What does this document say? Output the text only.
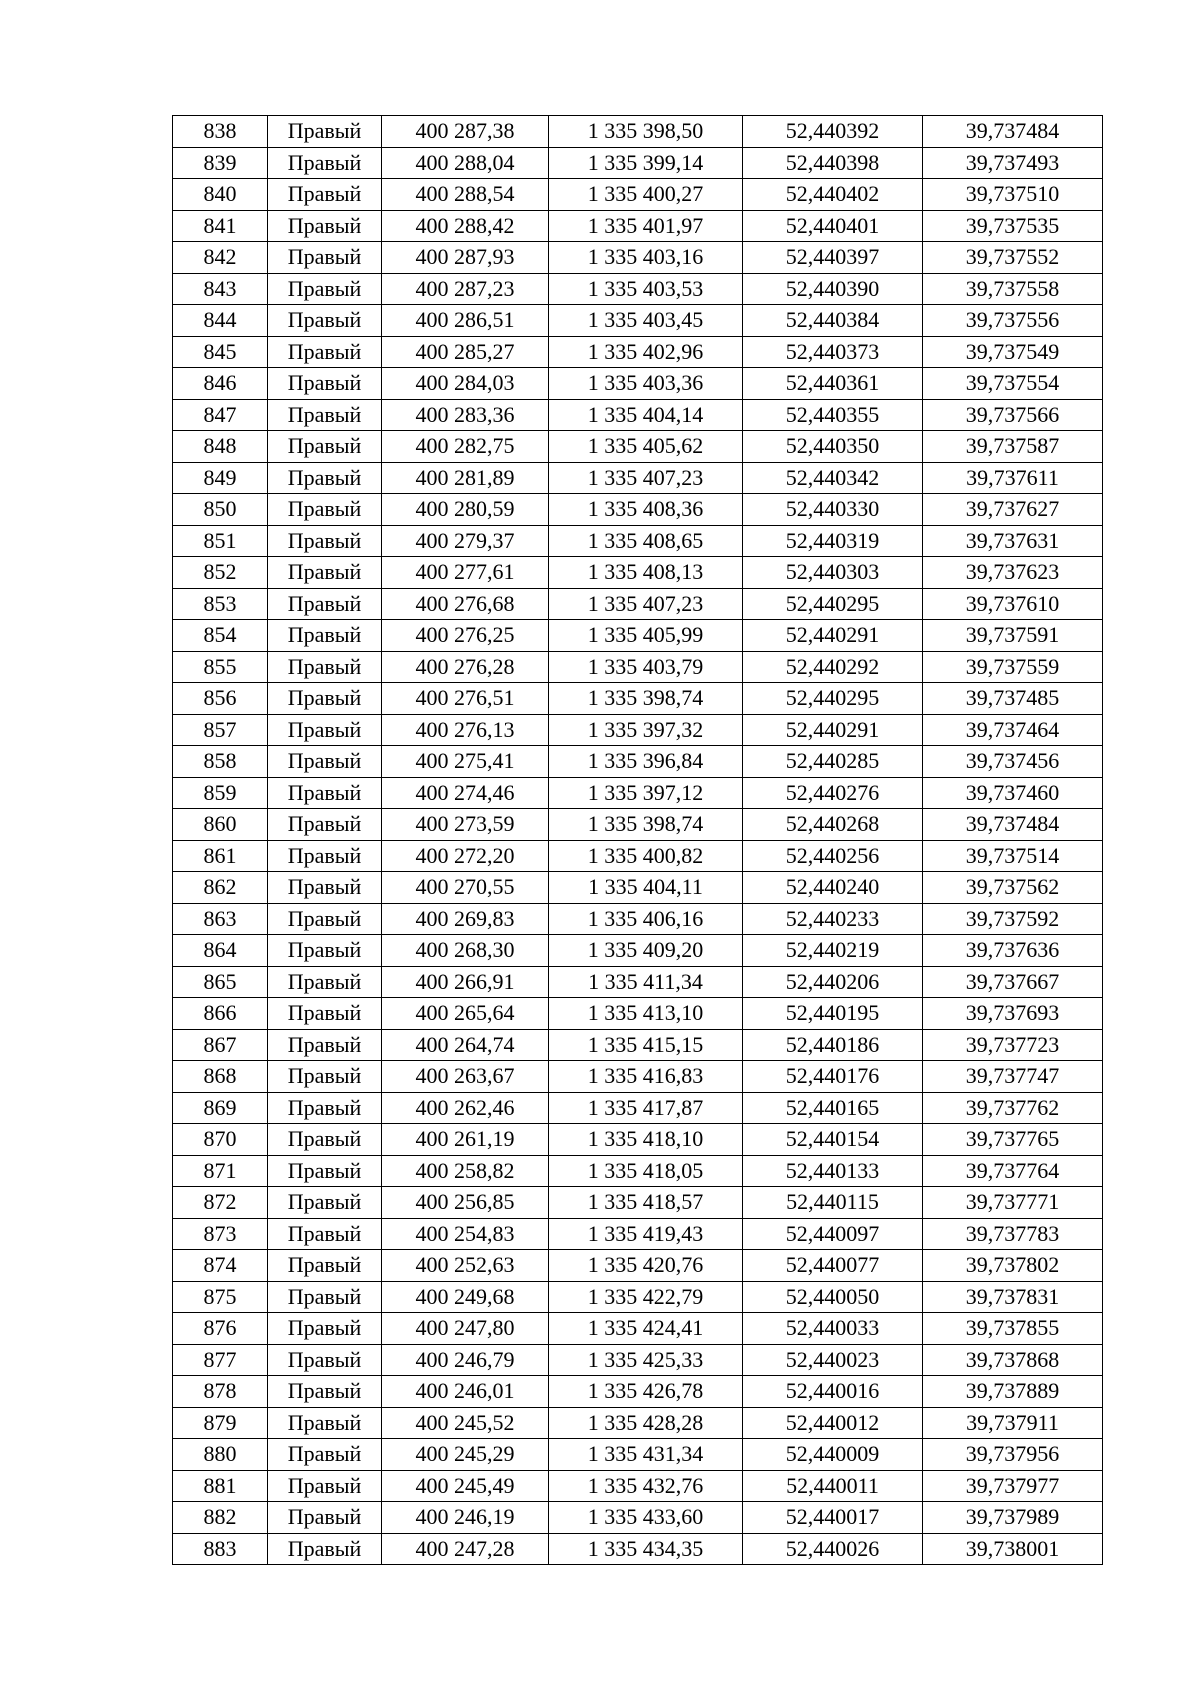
838	Правый	400 287,38	1 335 398,50	52,440392	39,737484
839	Правый	400 288,04	1 335 399,14	52,440398	39,737493
840	Правый	400 288,54	1 335 400,27	52,440402	39,737510
841	Правый	400 288,42	1 335 401,97	52,440401	39,737535
842	Правый	400 287,93	1 335 403,16	52,440397	39,737552
843	Правый	400 287,23	1 335 403,53	52,440390	39,737558
844	Правый	400 286,51	1 335 403,45	52,440384	39,737556
845	Правый	400 285,27	1 335 402,96	52,440373	39,737549
846	Правый	400 284,03	1 335 403,36	52,440361	39,737554
847	Правый	400 283,36	1 335 404,14	52,440355	39,737566
848	Правый	400 282,75	1 335 405,62	52,440350	39,737587
849	Правый	400 281,89	1 335 407,23	52,440342	39,737611
850	Правый	400 280,59	1 335 408,36	52,440330	39,737627
851	Правый	400 279,37	1 335 408,65	52,440319	39,737631
852	Правый	400 277,61	1 335 408,13	52,440303	39,737623
853	Правый	400 276,68	1 335 407,23	52,440295	39,737610
854	Правый	400 276,25	1 335 405,99	52,440291	39,737591
855	Правый	400 276,28	1 335 403,79	52,440292	39,737559
856	Правый	400 276,51	1 335 398,74	52,440295	39,737485
857	Правый	400 276,13	1 335 397,32	52,440291	39,737464
858	Правый	400 275,41	1 335 396,84	52,440285	39,737456
859	Правый	400 274,46	1 335 397,12	52,440276	39,737460
860	Правый	400 273,59	1 335 398,74	52,440268	39,737484
861	Правый	400 272,20	1 335 400,82	52,440256	39,737514
862	Правый	400 270,55	1 335 404,11	52,440240	39,737562
863	Правый	400 269,83	1 335 406,16	52,440233	39,737592
864	Правый	400 268,30	1 335 409,20	52,440219	39,737636
865	Правый	400 266,91	1 335 411,34	52,440206	39,737667
866	Правый	400 265,64	1 335 413,10	52,440195	39,737693
867	Правый	400 264,74	1 335 415,15	52,440186	39,737723
868	Правый	400 263,67	1 335 416,83	52,440176	39,737747
869	Правый	400 262,46	1 335 417,87	52,440165	39,737762
870	Правый	400 261,19	1 335 418,10	52,440154	39,737765
871	Правый	400 258,82	1 335 418,05	52,440133	39,737764
872	Правый	400 256,85	1 335 418,57	52,440115	39,737771
873	Правый	400 254,83	1 335 419,43	52,440097	39,737783
874	Правый	400 252,63	1 335 420,76	52,440077	39,737802
875	Правый	400 249,68	1 335 422,79	52,440050	39,737831
876	Правый	400 247,80	1 335 424,41	52,440033	39,737855
877	Правый	400 246,79	1 335 425,33	52,440023	39,737868
878	Правый	400 246,01	1 335 426,78	52,440016	39,737889
879	Правый	400 245,52	1 335 428,28	52,440012	39,737911
880	Правый	400 245,29	1 335 431,34	52,440009	39,737956
881	Правый	400 245,49	1 335 432,76	52,440011	39,737977
882	Правый	400 246,19	1 335 433,60	52,440017	39,737989
883	Правый	400 247,28	1 335 434,35	52,440026	39,738001
